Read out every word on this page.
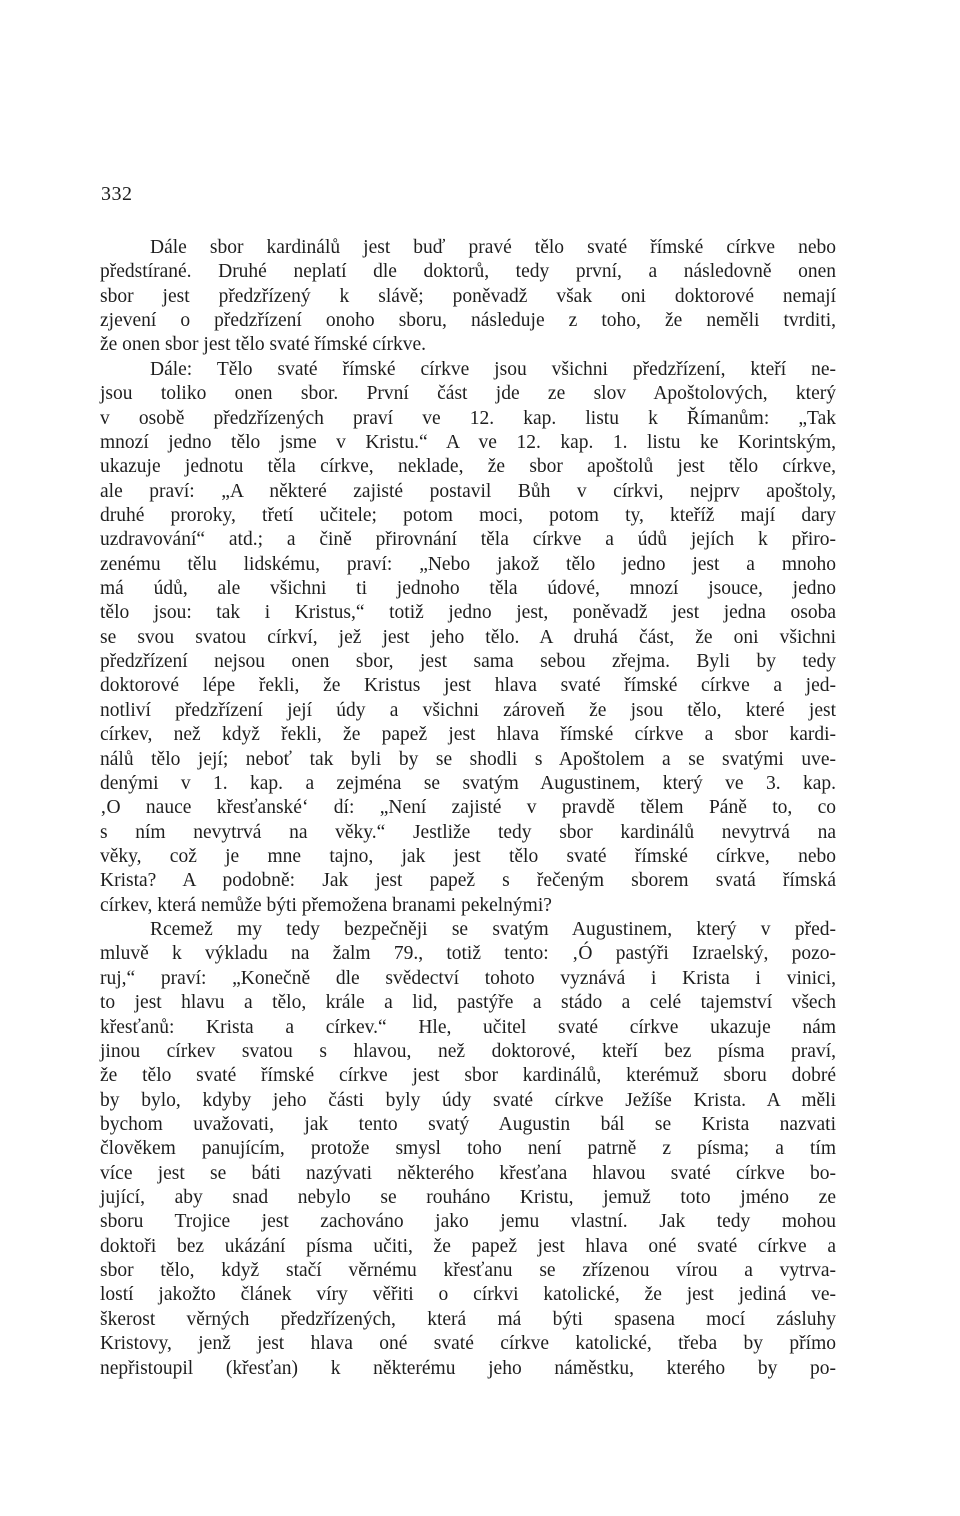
332
Dále sbor kardinálů jest buď pravé tělo svaté římské církve nebo
předstírané. Druhé neplatí dle doktorů, tedy první, a následovně onen
sbor jest předzřízený k slávě; poněvadž však oni doktorové nemají
zjevení o předzřízení onoho sboru, následuje z toho, že neměli tvrditi,
že onen sbor jest tělo svaté římské církve.
Dále: Tělo svaté římské církve jsou všichni předzřízení, kteří ne-
jsou toliko onen sbor. První část jde ze slov Apoštolových, který
v osobě předzřízených praví ve 12. kap. listu k Římanům: „Tak
mnozí jedno tělo jsme v Kristu.“ A ve 12. kap. 1. listu ke Korintským,
ukazuje jednotu těla církve, neklade, že sbor apoštolů jest tělo církve,
ale praví: „A některé zajisté postavil Bůh v církvi, nejprv apoštoly,
druhé proroky, třetí učitele; potom moci, potom ty, kteříž mají dary
uzdravování“ atd.; a čině přirovnání těla církve a údů jejích k přiro-
zenému tělu lidskému, praví: „Nebo jakož tělo jedno jest a mnoho
má údů, ale všichni ti jednoho těla údové, mnozí jsouce, jedno
tělo jsou: tak i Kristus,“ totiž jedno jest, poněvadž jest jedna osoba
se svou svatou církví, jež jest jeho tělo. A druhá část, že oni všichni
předzřízení nejsou onen sbor, jest sama sebou zřejma. Byli by tedy
doktorové lépe řekli, že Kristus jest hlava svaté římské církve a jed-
notliví předzřízení její údy a všichni zároveň že jsou tělo, které jest
církev, než když řekli, že papež jest hlava římské církve a sbor kardi-
nálů tělo její; neboť tak byli by se shodli s Apoštolem a se svatými uve-
denými v 1. kap. a zejména se svatým Augustinem, který ve 3. kap.
‚O nauce křesťanské‘ dí: „Není zajisté v pravdě tělem Páně to, co
s ním nevytrvá na věky.“ Jestliže tedy sbor kardinálů nevytrvá na
věky, což je mne tajno, jak jest tělo svaté římské církve, nebo
Krista? A podobně: Jak jest papež s řečeným sborem svatá římská
církev, která nemůže býti přemožena branami pekelnými?
Rcemež my tedy bezpečněji se svatým Augustinem, který v před-
mluvě k výkladu na žalm 79., totiž tento: ‚Ó pastýři Izraelský, pozo-
ruj,“ praví: „Konečně dle svědectví tohoto vyznává i Krista i vinici,
to jest hlavu a tělo, krále a lid, pastýře a stádo a celé tajemství všech
křesťanů: Krista a církev.“ Hle, učitel svaté církve ukazuje nám
jinou církev svatou s hlavou, než doktorové, kteří bez písma praví,
že tělo svaté římské církve jest sbor kardinálů, kterémuž sboru dobré
by bylo, kdyby jeho části byly údy svaté církve Ježíše Krista. A měli
bychom uvažovati, jak tento svatý Augustin bál se Krista nazvati
člověkem panujícím, protože smysl toho není patrně z písma; a tím
více jest se báti nazývati některého křesťana hlavou svaté církve bo-
jující, aby snad nebylo se rouháno Kristu, jemuž toto jméno ze
sboru Trojice jest zachováno jako jemu vlastní. Jak tedy mohou
doktoři bez ukázání písma učiti, že papež jest hlava oné svaté církve a
sbor tělo, když stačí věrnému křesťanu se zřízenou vírou a vytrva-
lostí jakožto článek víry věřiti o církvi katolické, že jest jediná ve-
škerost věrných předzřízených, která má býti spasena mocí zásluhy
Kristovy, jenž jest hlava oné svaté církve katolické, třeba by přímo
nepřistoupil (křesťan) k některému jeho náměstku, kterého by po-
